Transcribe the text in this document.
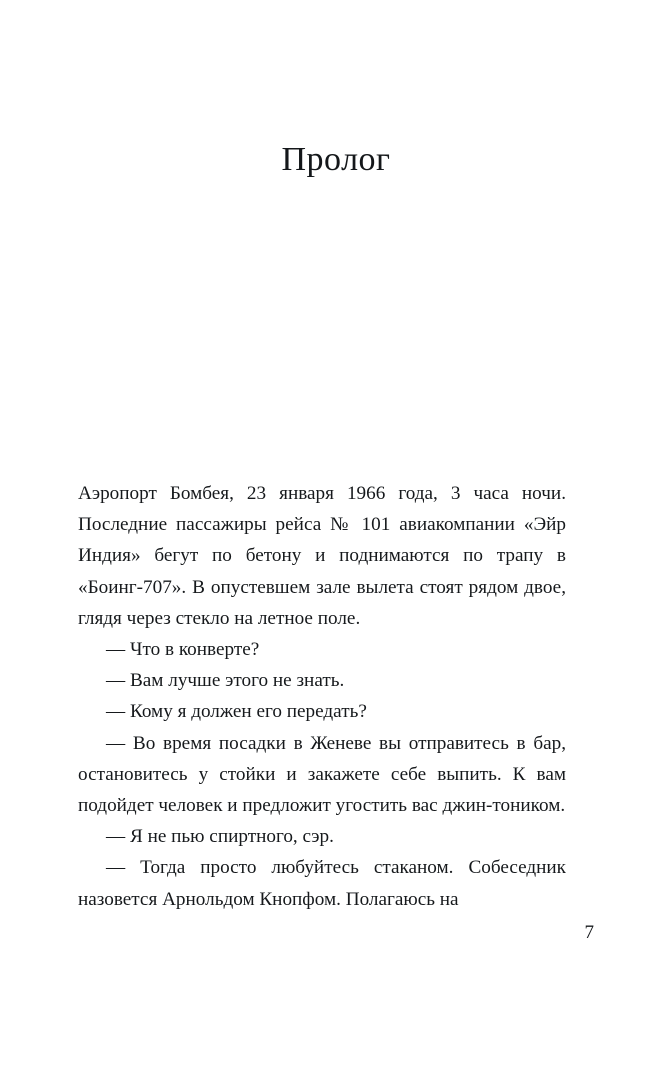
Пролог

Аэропорт Бомбея, 23 января 1966 года, 3 часа ночи. Последние пассажиры рейса № 101 авиакомпании «Эйр Индия» бегут по бетону и поднимаются по трапу в «Боинг-707». В опустевшем зале вылета стоят рядом двое, глядя через стекло на летное поле.

— Что в конверте?

— Вам лучше этого не знать.

— Кому я должен его передать?

— Во время посадки в Женеве вы отправитесь в бар, остановитесь у стойки и закажете себе выпить. К вам подойдет человек и предложит угостить вас джин-тоником.

— Я не пью спиртного, сэр.

— Тогда просто любуйтесь стаканом. Собеседник назовется Арнольдом Кнопфом. Полагаюсь на

7
